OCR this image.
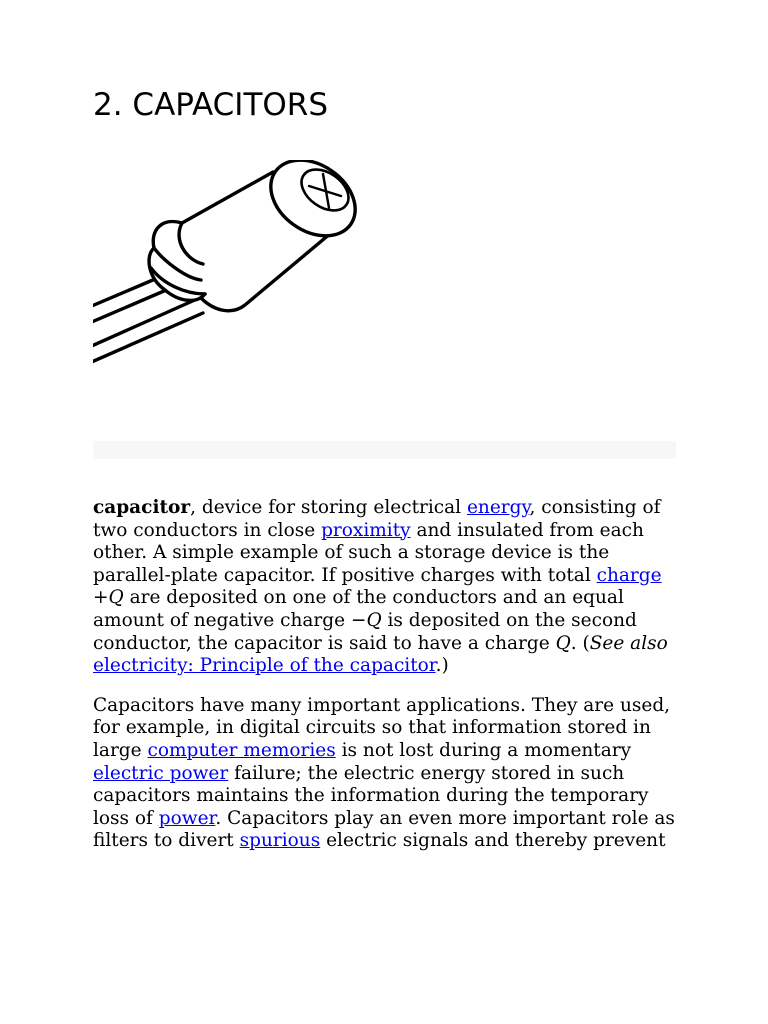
2. CAPACITORS

capacitor, device for storing electrical energy, consisting of two conductors in close proximity and insulated from each other. A simple example of such a storage device is the parallel-plate capacitor. If positive charges with total charge +Q are deposited on one of the conductors and an equal amount of negative charge −Q is deposited on the second conductor, the capacitor is said to have a charge Q. (See also electricity: Principle of the capacitor.)

Capacitors have many important applications. They are used, for example, in digital circuits so that information stored in large computer memories is not lost during a momentary electric power failure; the electric energy stored in such capacitors maintains the information during the temporary loss of power. Capacitors play an even more important role as filters to divert spurious electric signals and thereby prevent
